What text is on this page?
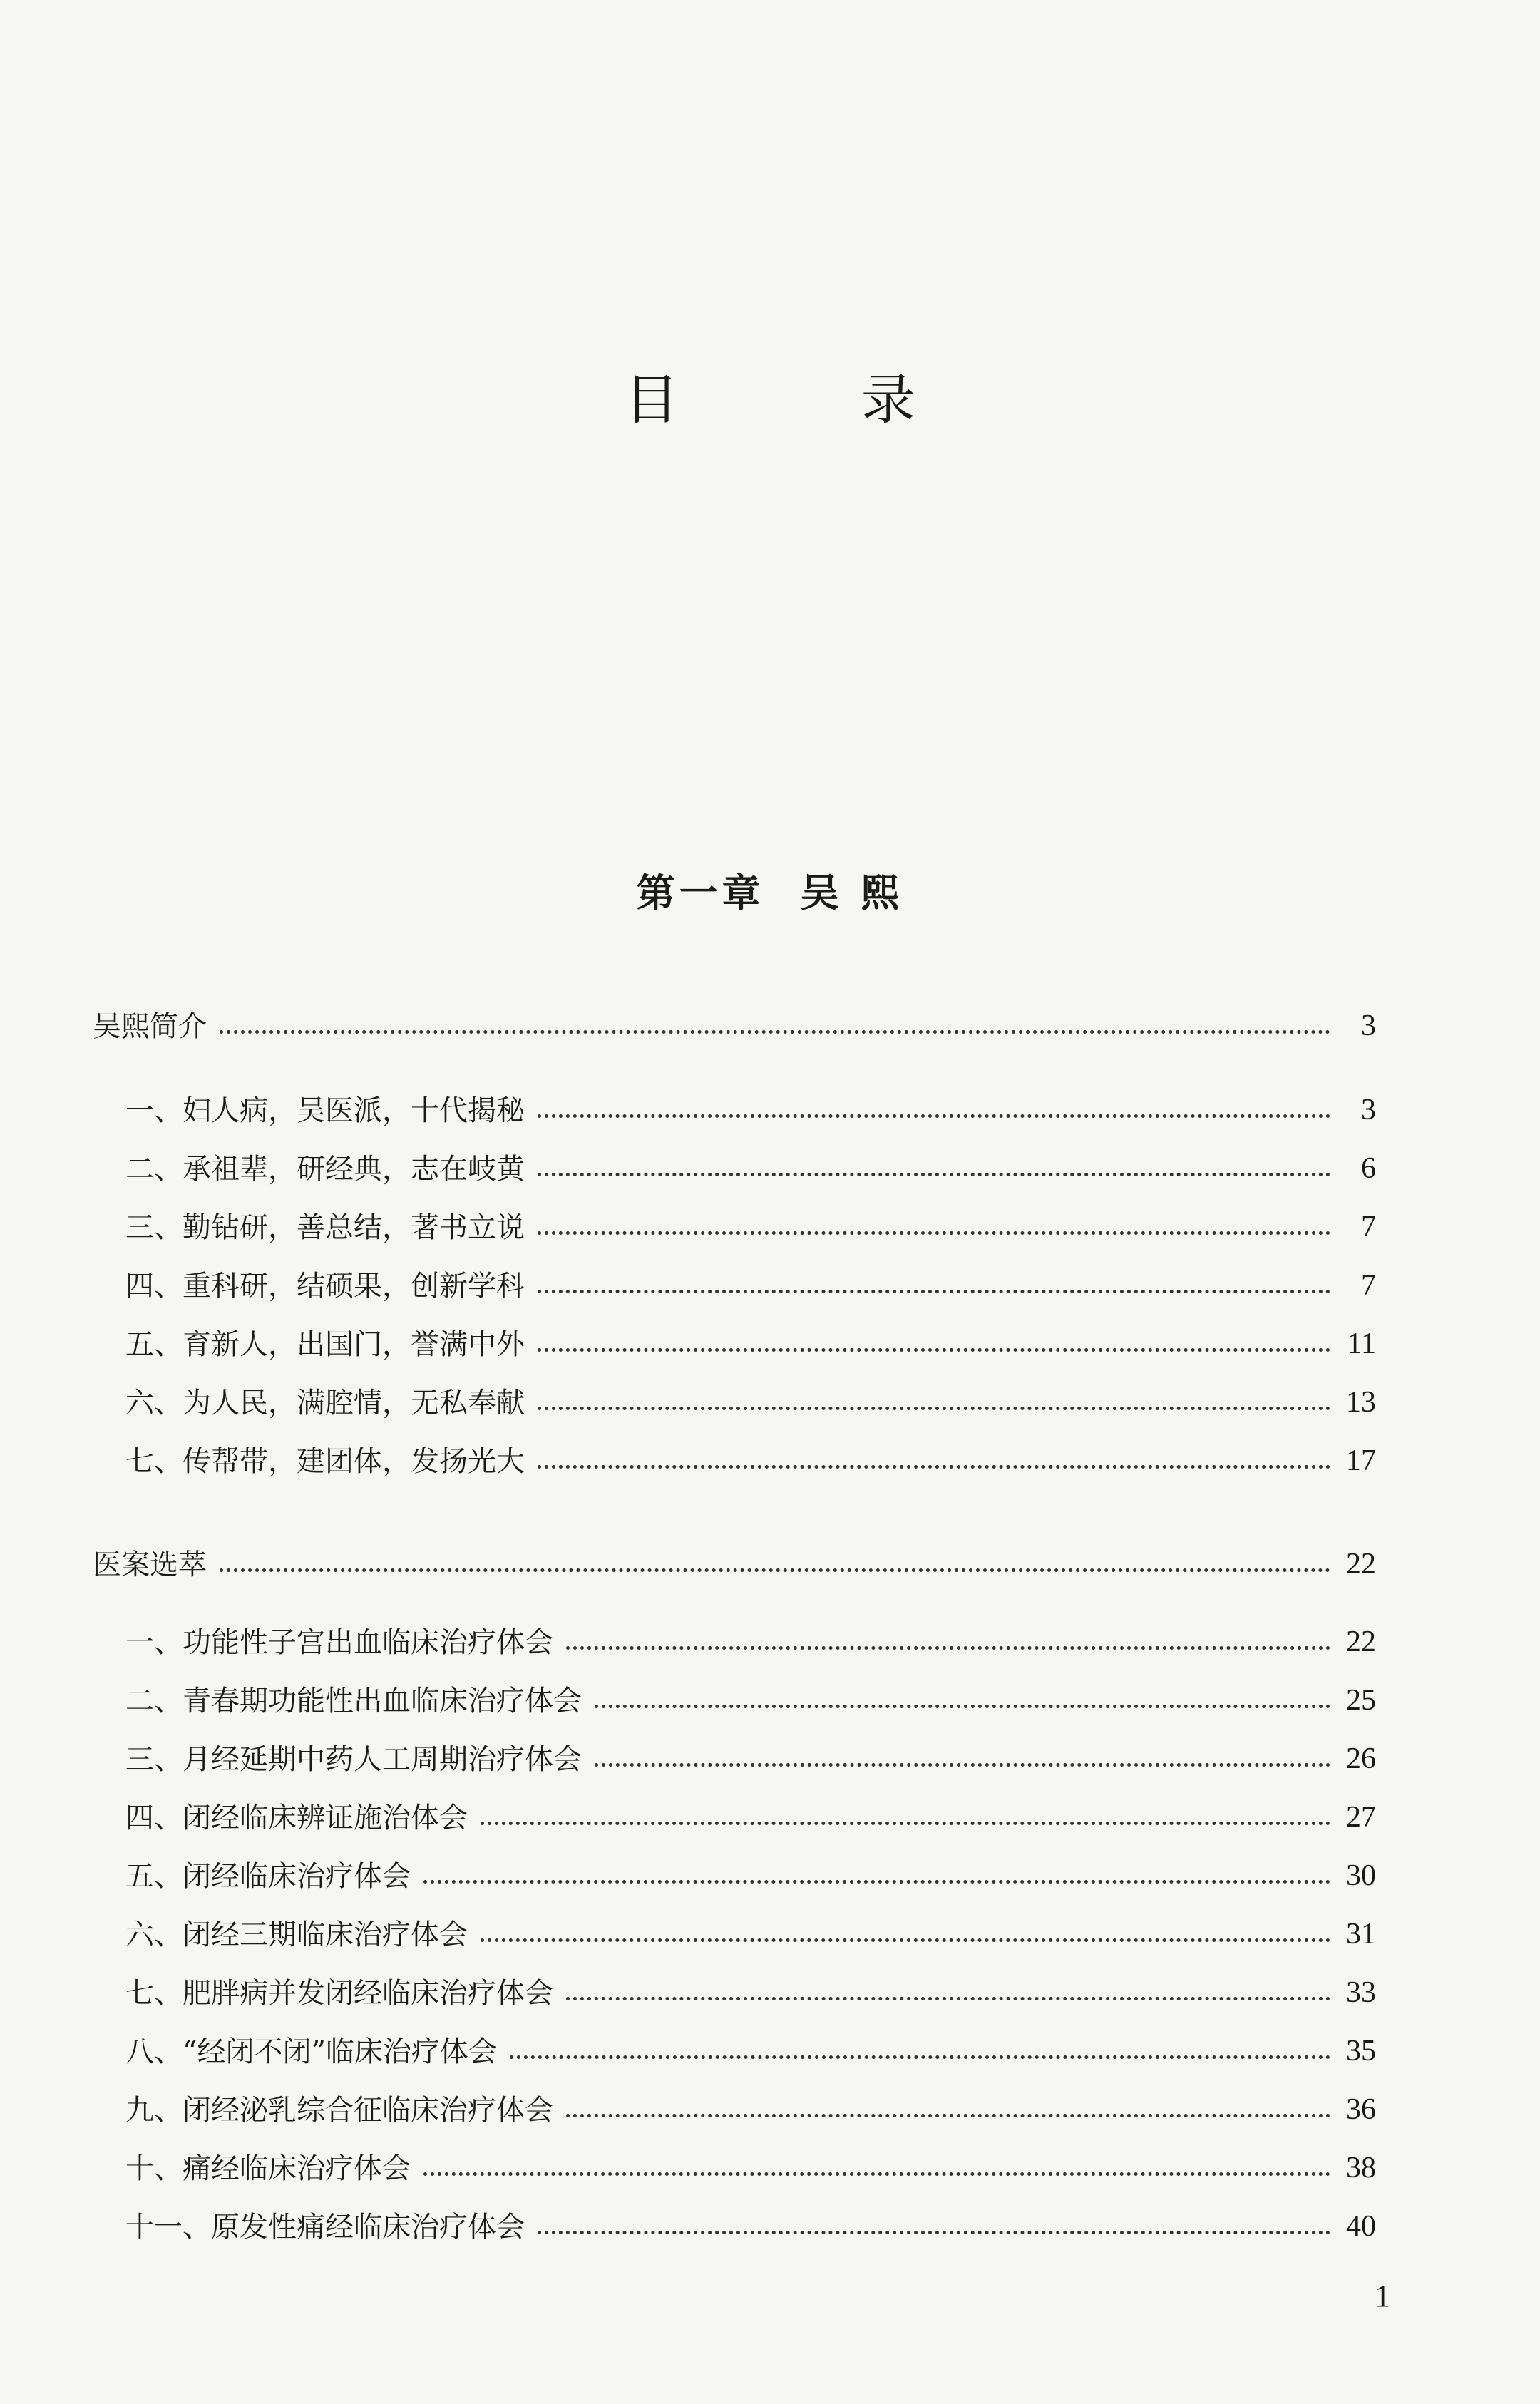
目　录
第一章 吴 熙
吴熙简介	3
一、妇人病，吴医派，十代揭秘	3
二、承祖辈，研经典，志在岐黄	6
三、勤钻研，善总结，著书立说	7
四、重科研，结硕果，创新学科	7
五、育新人，出国门，誉满中外	11
六、为人民，满腔情，无私奉献	13
七、传帮带，建团体，发扬光大	17
医案选萃	22
一、功能性子宫出血临床治疗体会	22
二、青春期功能性出血临床治疗体会	25
三、月经延期中药人工周期治疗体会	26
四、闭经临床辨证施治体会	27
五、闭经临床治疗体会	30
六、闭经三期临床治疗体会	31
七、肥胖病并发闭经临床治疗体会	33
八、“经闭不闭”临床治疗体会	35
九、闭经泌乳综合征临床治疗体会	36
十、痛经临床治疗体会	38
十一、原发性痛经临床治疗体会	40
1
